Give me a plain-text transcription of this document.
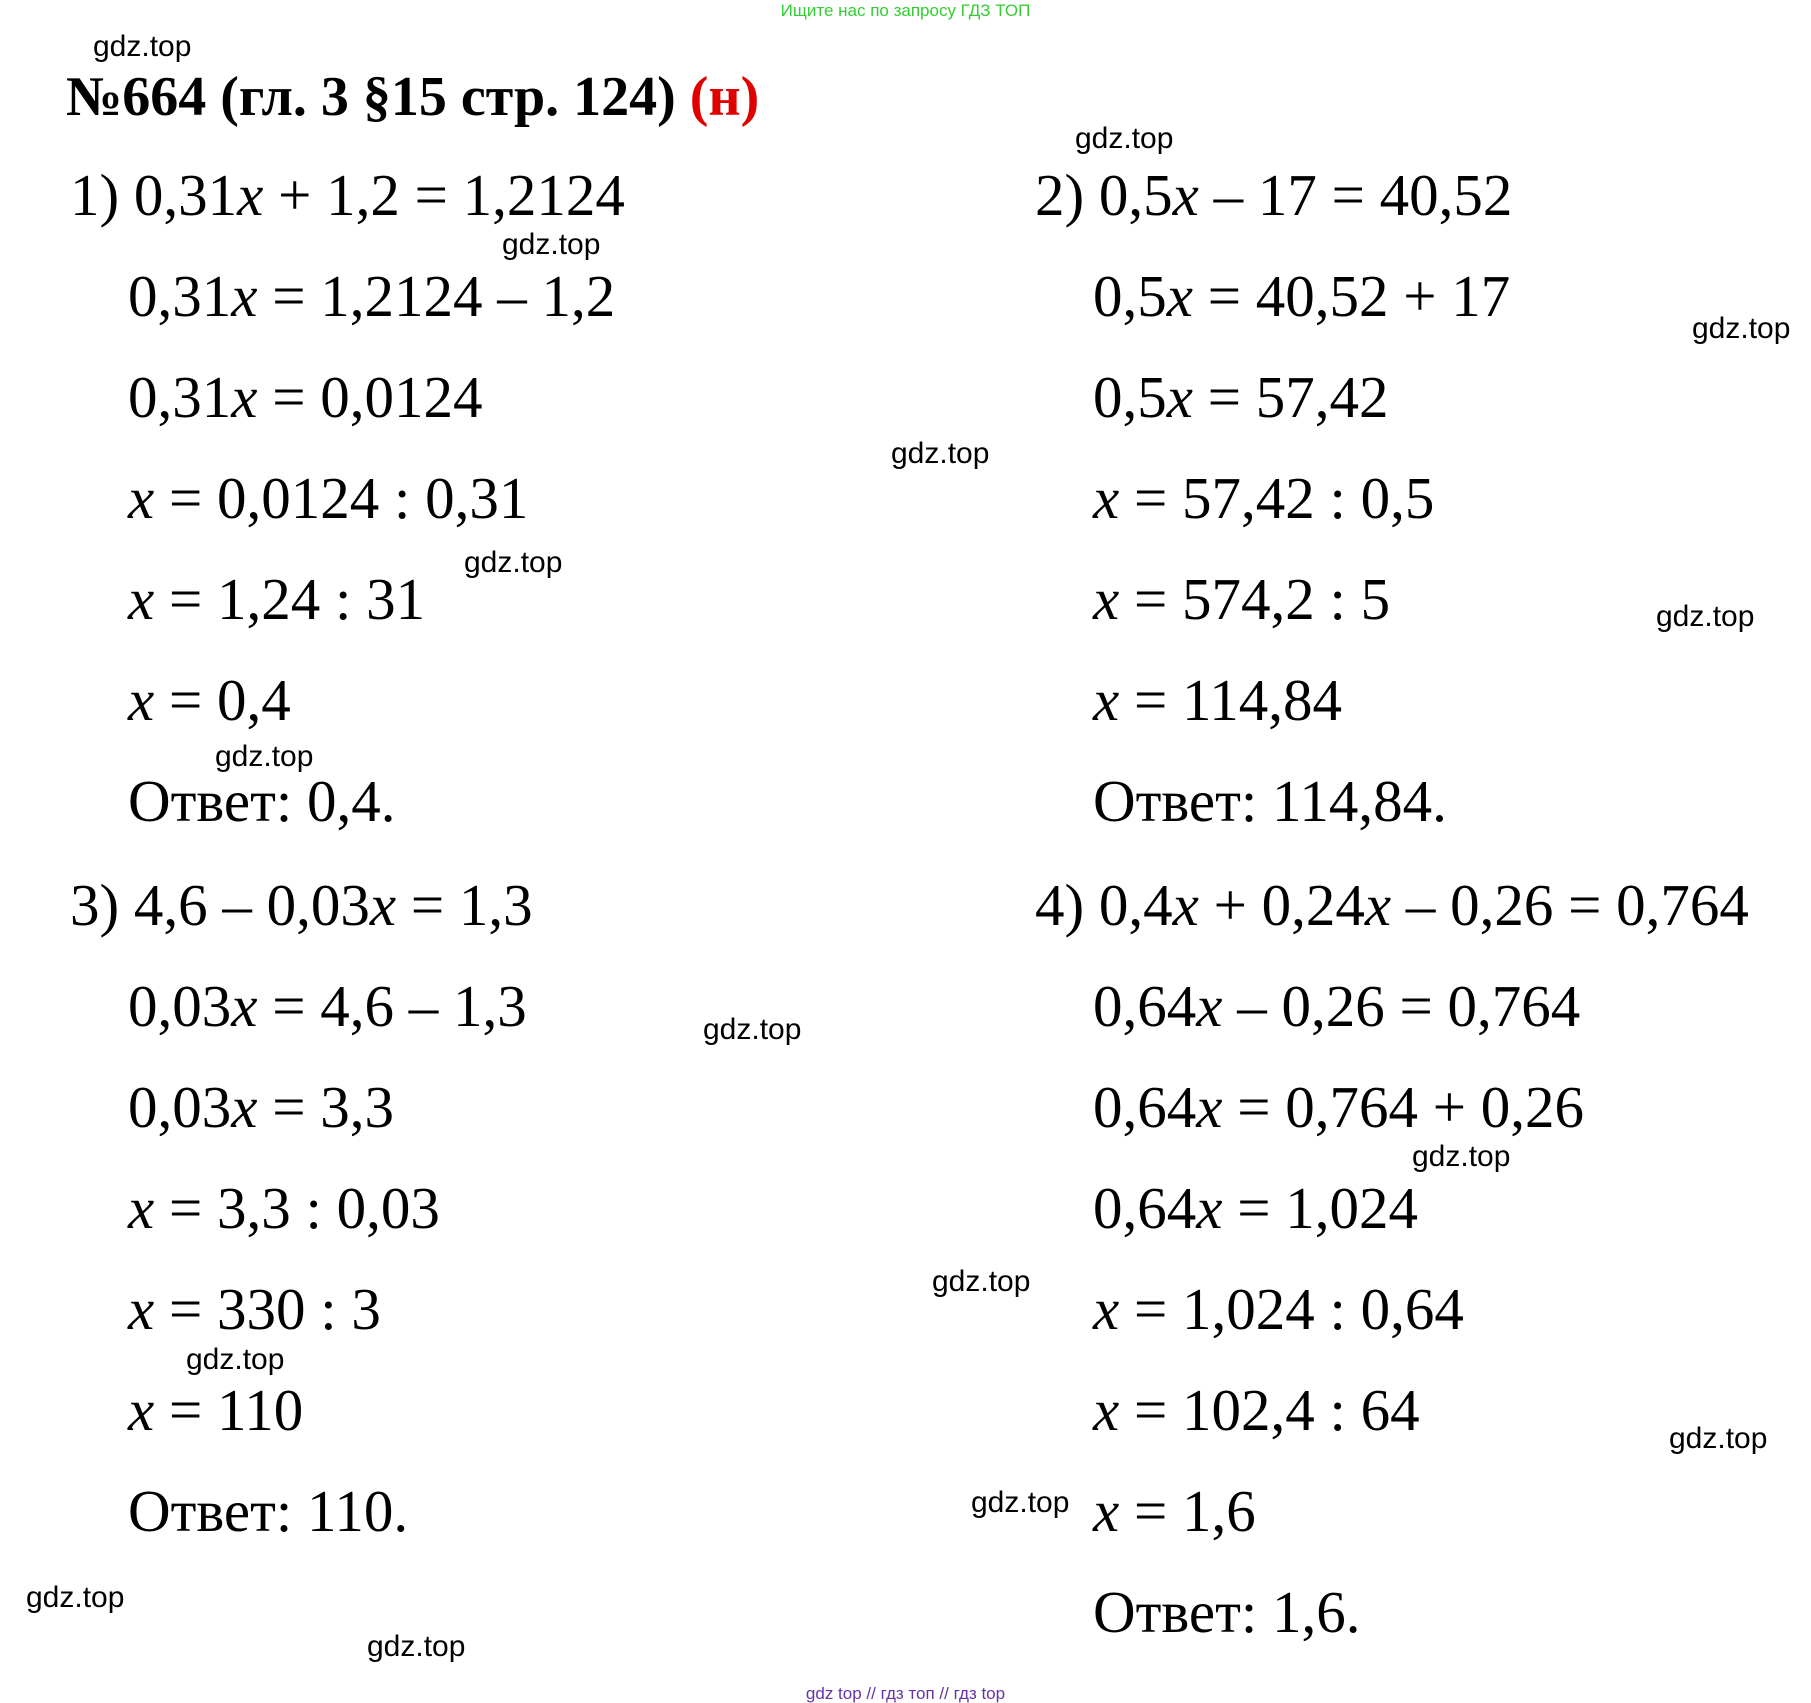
Ищите нас по запросу ГДЗ ТОП
№664 (гл. 3 §15 стр. 124) (н)
1) 0,31x + 1,2 = 1,2124
0,31x = 1,2124 – 1,2
0,31x = 0,0124
x = 0,0124 : 0,31
x = 1,24 : 31
x = 0,4
Ответ: 0,4.
2) 0,5x – 17 = 40,52
0,5x = 40,52 + 17
0,5x = 57,42
x = 57,42 : 0,5
x = 574,2 : 5
x = 114,84
Ответ: 114,84.
3) 4,6 – 0,03x = 1,3
0,03x = 4,6 – 1,3
0,03x = 3,3
x = 3,3 : 0,03
x = 330 : 3
x = 110
Ответ: 110.
4) 0,4x + 0,24x – 0,26 = 0,764
0,64x – 0,26 = 0,764
0,64x = 0,764 + 0,26
0,64x = 1,024
x = 1,024 : 0,64
x = 102,4 : 64
x = 1,6
Ответ: 1,6.
gdz.top
gdz.top
gdz.top
gdz.top
gdz.top
gdz.top
gdz.top
gdz.top
gdz.top
gdz.top
gdz.top
gdz.top
gdz.top
gdz.top
gdz.top
gdz.top
gdz top // гдз топ // гдз top
